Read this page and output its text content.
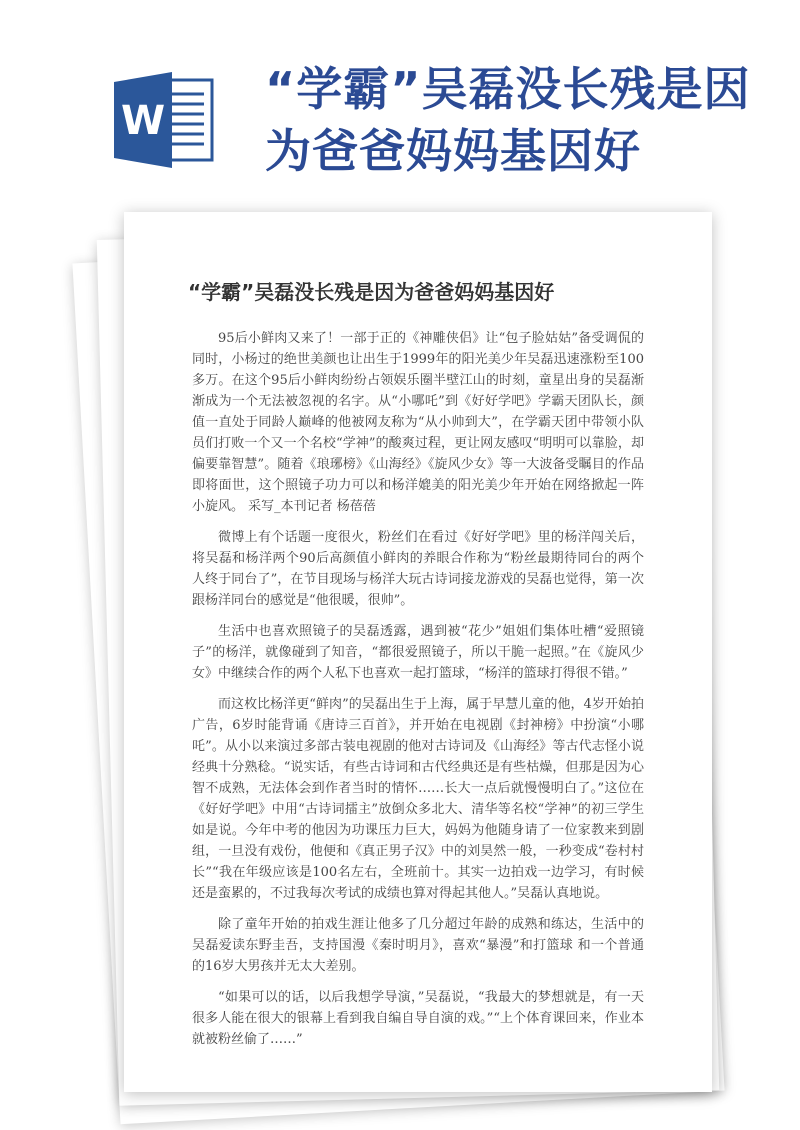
W
“学霸”吴磊没长残是因为爸爸妈妈基因好
“学霸”吴磊没长残是因为爸爸妈妈基因好

95后小鲜肉又来了！一部于正的《神雕侠侣》让“包子脸姑姑”备受调侃的同时，小杨过的绝世美颜也让出生于1999年的阳光美少年吴磊迅速涨粉至100多万。在这个95后小鲜肉纷纷占领娱乐圈半壁江山的时刻，童星出身的吴磊渐渐成为一个无法被忽视的名字。从“小哪吒”到《好好学吧》学霸天团队长，颜值一直处于同龄人巅峰的他被网友称为“从小帅到大”，在学霸天团中带领小队员们打败一个又一个名校“学神”的酸爽过程，更让网友感叹“明明可以靠脸，却偏要靠智慧”。随着《琅琊榜》《山海经》《旋风少女》等一大波备受瞩目的作品即将面世，这个照镜子功力可以和杨洋媲美的阳光美少年开始在网络掀起一阵小旋风。 采写_本刊记者 杨蓓蓓

微博上有个话题一度很火，粉丝们在看过《好好学吧》里的杨洋闯关后，将吴磊和杨洋两个90后高颜值小鲜肉的养眼合作称为“粉丝最期待同台的两个人终于同台了”，在节目现场与杨洋大玩古诗词接龙游戏的吴磊也觉得，第一次跟杨洋同台的感觉是“他很暖，很帅”。

生活中也喜欢照镜子的吴磊透露，遇到被“花少”姐姐们集体吐槽“爱照镜子”的杨洋，就像碰到了知音，“都很爱照镜子，所以干脆一起照。”在《旋风少女》中继续合作的两个人私下也喜欢一起打篮球，“杨洋的篮球打得很不错。”

而这枚比杨洋更“鲜肉”的吴磊出生于上海，属于早慧儿童的他，4岁开始拍广告，6岁时能背诵《唐诗三百首》，并开始在电视剧《封神榜》中扮演“小哪吒”。从小以来演过多部古装电视剧的他对古诗词及《山海经》等古代志怪小说经典十分熟稔。“说实话，有些古诗词和古代经典还是有些枯燥，但那是因为心智不成熟，无法体会到作者当时的情怀……长大一点后就慢慢明白了。”这位在《好好学吧》中用“古诗词擂主”放倒众多北大、清华等名校“学神”的初三学生如是说。今年中考的他因为功课压力巨大，妈妈为他随身请了一位家教来到剧组，一旦没有戏份，他便和《真正男子汉》中的刘昊然一般，一秒变成“卷村村长”“我在年级应该是100名左右，全班前十。其实一边拍戏一边学习，有时候还是蛮累的，不过我每次考试的成绩也算对得起其他人。”吴磊认真地说。

除了童年开始的拍戏生涯让他多了几分超过年龄的成熟和练达，生活中的吴磊爱读东野圭吾，支持国漫《秦时明月》，喜欢“暴漫”和打篮球 和一个普通的16岁大男孩并无太大差别。

“如果可以的话，以后我想学导演，”吴磊说，“我最大的梦想就是，有一天很多人能在很大的银幕上看到我自编自导自演的戏。”“上个体育课回来，作业本就被粉丝偷了……”
